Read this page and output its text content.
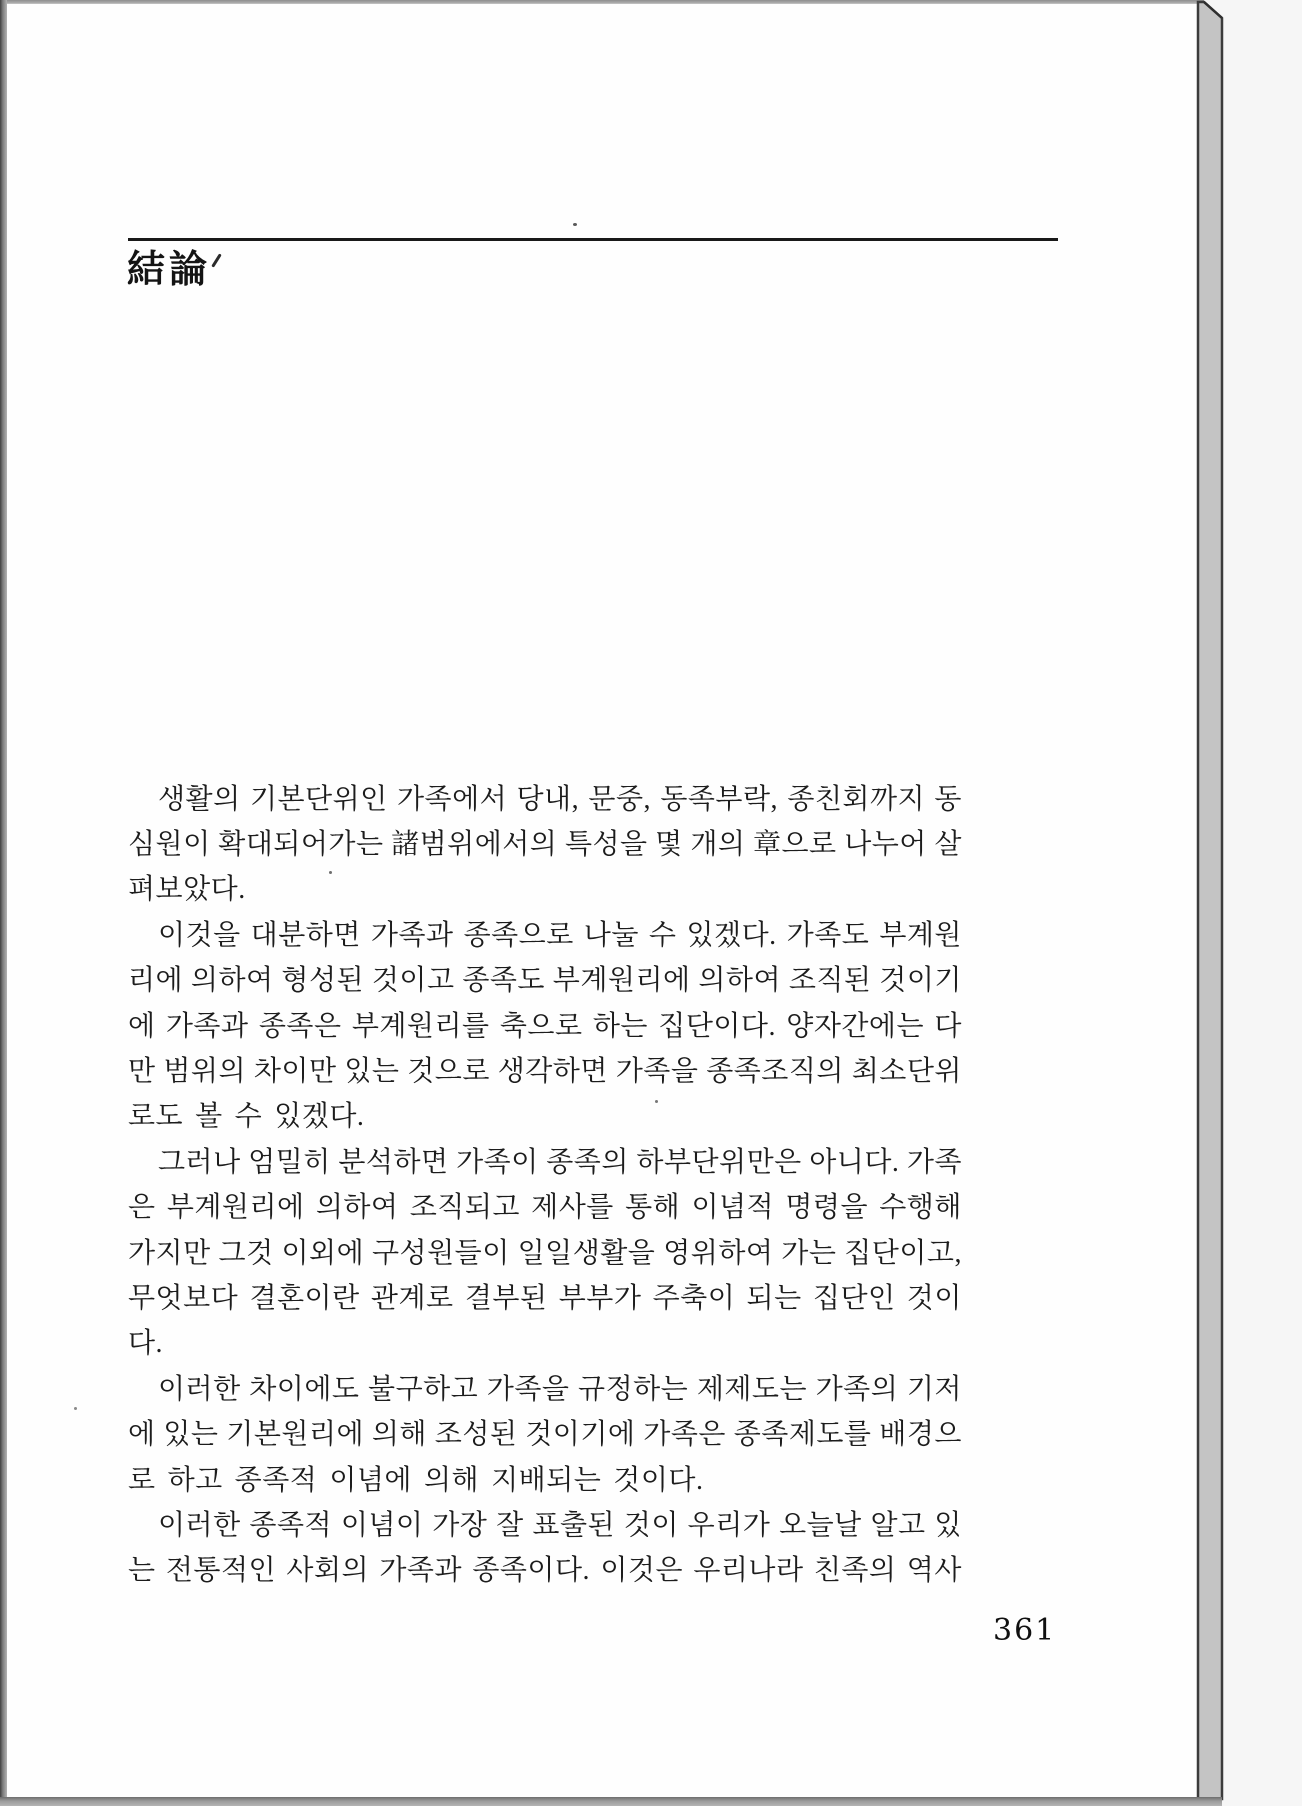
結論
생활의 기본단위인 가족에서 당내, 문중, 동족부락, 종친회까지 동
심원이 확대되어가는 諸범위에서의 특성을 몇 개의 章으로 나누어 살
펴보았다.
이것을 대분하면 가족과 종족으로 나눌 수 있겠다. 가족도 부계원
리에 의하여 형성된 것이고 종족도 부계원리에 의하여 조직된 것이기
에 가족과 종족은 부계원리를 축으로 하는 집단이다. 양자간에는 다
만 범위의 차이만 있는 것으로 생각하면 가족을 종족조직의 최소단위
로도 볼 수 있겠다.
그러나 엄밀히 분석하면 가족이 종족의 하부단위만은 아니다. 가족
은 부계원리에 의하여 조직되고 제사를 통해 이념적 명령을 수행해
가지만 그것 이외에 구성원들이 일일생활을 영위하여 가는 집단이고,
무엇보다 결혼이란 관계로 결부된 부부가 주축이 되는 집단인 것이
다.
이러한 차이에도 불구하고 가족을 규정하는 제제도는 가족의 기저
에 있는 기본원리에 의해 조성된 것이기에 가족은 종족제도를 배경으
로 하고 종족적 이념에 의해 지배되는 것이다.
이러한 종족적 이념이 가장 잘 표출된 것이 우리가 오늘날 알고 있
는 전통적인 사회의 가족과 종족이다. 이것은 우리나라 친족의 역사
361
